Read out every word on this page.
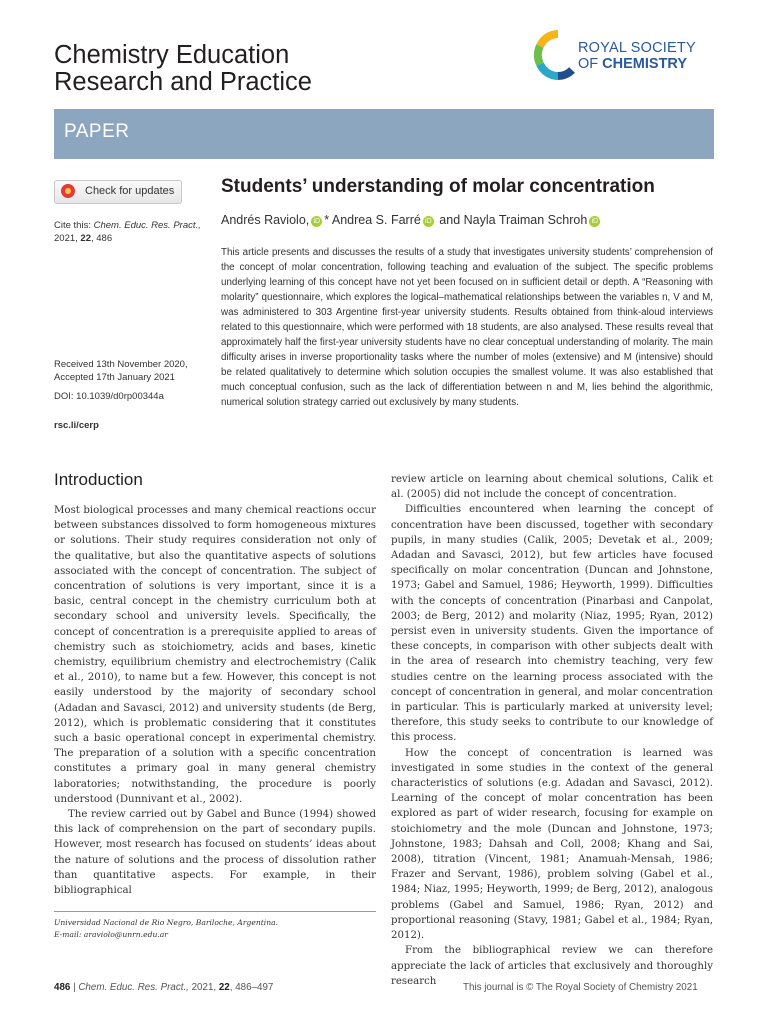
Chemistry Education
Research and Practice
ROYAL SOCIETY
OF CHEMISTRY
PAPER
Check for updates Students’ understanding of molar concentration
Andrés Raviolo, iD * Andrea S. Farré iD and Nayla Traiman Schroh iD
Cite this: Chem. Educ. Res. Pract.,
2021, 22, 486
Received 13th November 2020,
Accepted 17th January 2021
DOI: 10.1039/d0rp00344a
rsc.li/cerp
This article presents and discusses the results of a study that investigates university students’ comprehension of the concept of molar concentration, following teaching and evaluation of the subject. The specific problems underlying learning of this concept have not yet been focused on in sufficient detail or depth. A “Reasoning with molarity” questionnaire, which explores the logical–mathematical relationships between the variables n, V and M, was administered to 303 Argentine first-year university students. Results obtained from think-aloud interviews related to this questionnaire, which were performed with 18 students, are also analysed. These results reveal that approximately half the first-year university students have no clear conceptual understanding of molarity. The main difficulty arises in inverse proportionality tasks where the number of moles (extensive) and M (intensive) should be related qualitatively to determine which solution occupies the smallest volume. It was also established that much conceptual confusion, such as the lack of differentiation between n and M, lies behind the algorithmic, numerical solution strategy carried out exclusively by many students.
Introduction

Most biological processes and many chemical reactions occur between substances dissolved to form homogeneous mixtures or solutions. Their study requires consideration not only of the qualitative, but also the quantitative aspects of solutions associated with the concept of concentration. The subject of concentration of solutions is very important, since it is a basic, central concept in the chemistry curriculum both at secondary school and university levels. Specifically, the concept of concentration is a prerequisite applied to areas of chemistry such as stoichiometry, acids and bases, kinetic chemistry, equilibrium chemistry and electrochemistry (Calik et al., 2010), to name but a few. However, this concept is not easily understood by the majority of secondary school (Adadan and Savasci, 2012) and university students (de Berg, 2012), which is problematic considering that it constitutes such a basic operational concept in experimental chemistry. The preparation of a solution with a specific concentration constitutes a primary goal in many general chemistry laboratories; notwithstanding, the procedure is poorly understood (Dunnivant et al., 2002).

The review carried out by Gabel and Bunce (1994) showed this lack of comprehension on the part of secondary pupils. However, most research has focused on students’ ideas about the nature of solutions and the process of dissolution rather than quantitative aspects. For example, in their bibliographical

review article on learning about chemical solutions, Calik et al. (2005) did not include the concept of concentration.

Difficulties encountered when learning the concept of concentration have been discussed, together with secondary pupils, in many studies (Calik, 2005; Devetak et al., 2009; Adadan and Savasci, 2012), but few articles have focused specifically on molar concentration (Duncan and Johnstone, 1973; Gabel and Samuel, 1986; Heyworth, 1999). Difficulties with the concepts of concentration (Pinarbasi and Canpolat, 2003; de Berg, 2012) and molarity (Niaz, 1995; Ryan, 2012) persist even in university students. Given the importance of these concepts, in comparison with other subjects dealt with in the area of research into chemistry teaching, very few studies centre on the learning process associated with the concept of concentration in general, and molar concentration in particular. This is particularly marked at university level; therefore, this study seeks to contribute to our knowledge of this process.

How the concept of concentration is learned was investigated in some studies in the context of the general characteristics of solutions (e.g. Adadan and Savasci, 2012). Learning of the concept of molar concentration has been explored as part of wider research, focusing for example on stoichiometry and the mole (Duncan and Johnstone, 1973; Johnstone, 1983; Dahsah and Coll, 2008; Khang and Sai, 2008), titration (Vincent, 1981; Anamuah-Mensah, 1986; Frazer and Servant, 1986), problem solving (Gabel et al., 1984; Niaz, 1995; Heyworth, 1999; de Berg, 2012), analogous problems (Gabel and Samuel, 1986; Ryan, 2012) and proportional reasoning (Stavy, 1981; Gabel et al., 1984; Ryan, 2012).

From the bibliographical review we can therefore appreciate the lack of articles that exclusively and thoroughly research

Universidad Nacional de Rio Negro, Bariloche, Argentina.
E-mail: araviolo@unrn.edu.ar
486 | Chem. Educ. Res. Pract., 2021, 22, 486–497	This journal is © The Royal Society of Chemistry 2021
